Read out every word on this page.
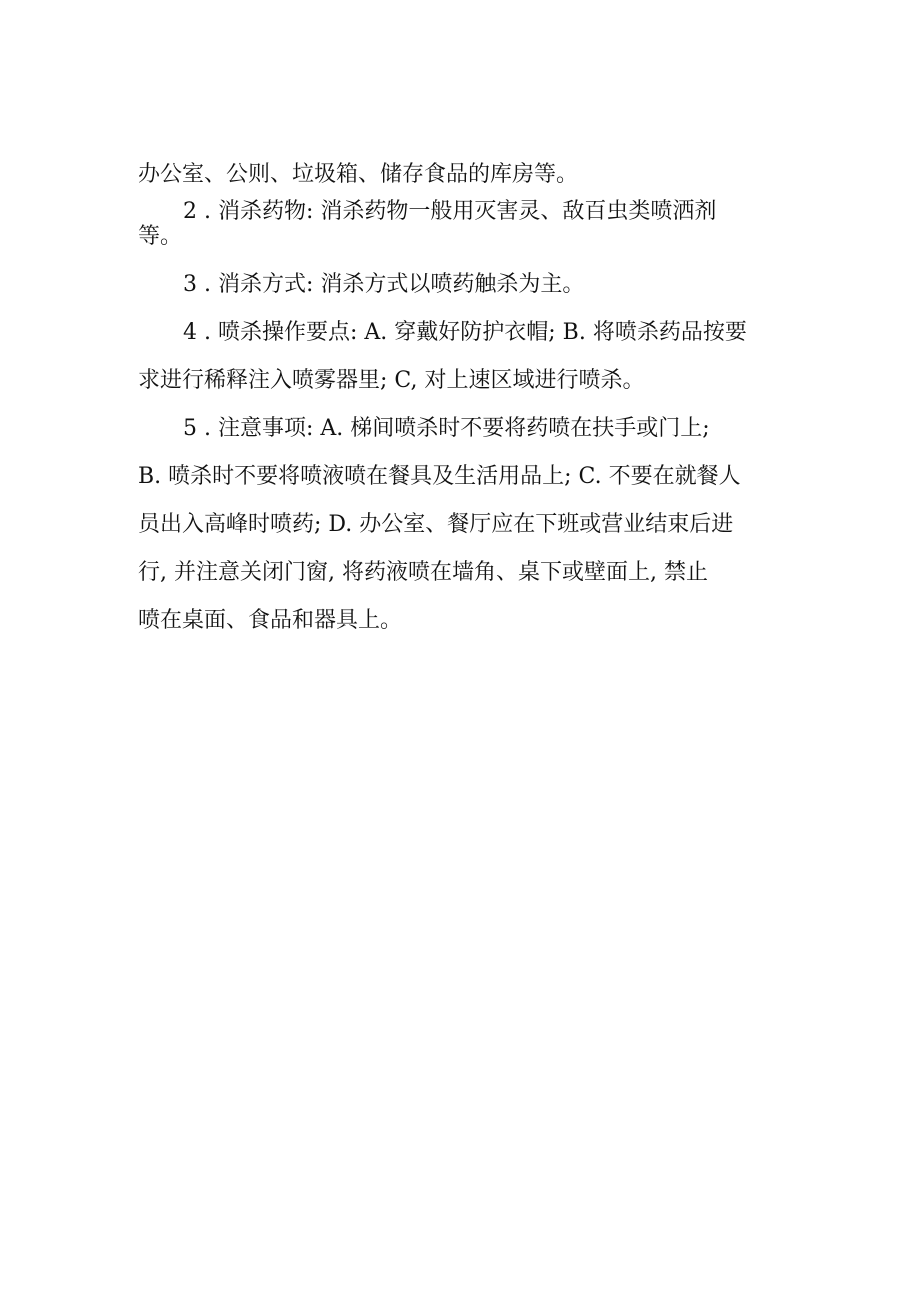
办公室、公则、垃圾箱、储存食品的库房等。
2 . 消杀药物: 消杀药物一般用灭害灵、敌百虫类喷洒剂
等。
3 . 消杀方式: 消杀方式以喷药触杀为主。
4 . 喷杀操作要点: A. 穿戴好防护衣帽; B. 将喷杀药品按要
求进行稀释注入喷雾器里; C, 对上速区域进行喷杀。
5 . 注意事项: A. 梯间喷杀时不要将药喷在扶手或门上;
B. 喷杀时不要将喷液喷在餐具及生活用品上; C. 不要在就餐人
员出入高峰时喷药; D. 办公室、餐厅应在下班或营业结束后进
行, 并注意关闭门窗, 将药液喷在墙角、桌下或壁面上, 禁止
喷在桌面、食品和器具上。
